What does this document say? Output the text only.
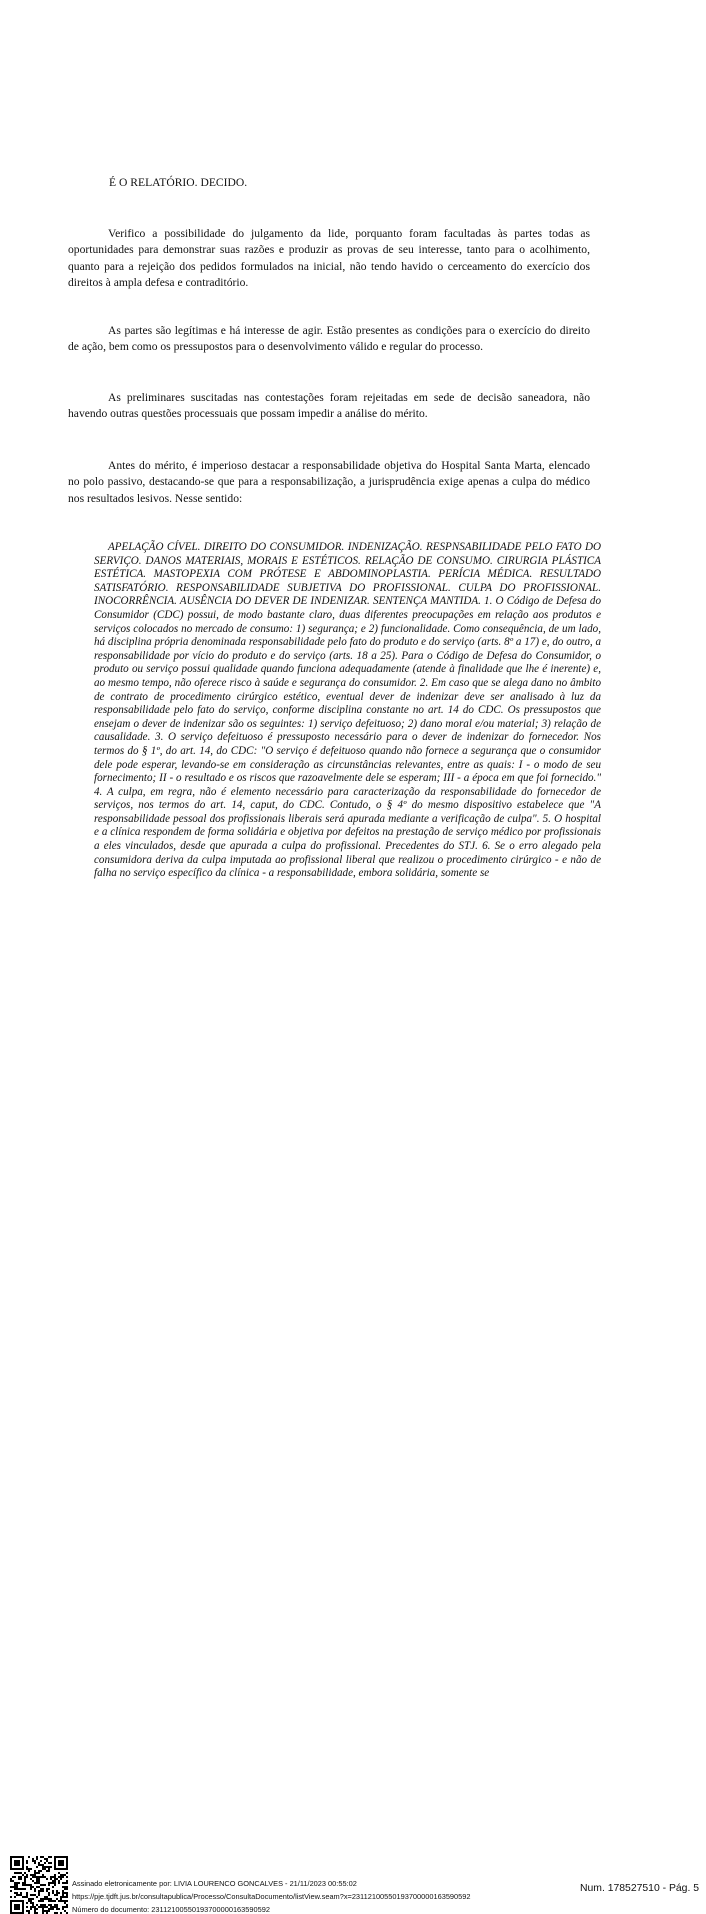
É O RELATÓRIO. DECIDO.

Verifico a possibilidade do julgamento da lide, porquanto foram facultadas às partes todas as oportunidades para demonstrar suas razões e produzir as provas de seu interesse, tanto para o acolhimento, quanto para a rejeição dos pedidos formulados na inicial, não tendo havido o cerceamento do exercício dos direitos à ampla defesa e contraditório.

As partes são legítimas e há interesse de agir. Estão presentes as condições para o exercício do direito de ação, bem como os pressupostos para o desenvolvimento válido e regular do processo.

As preliminares suscitadas nas contestações foram rejeitadas em sede de decisão saneadora, não havendo outras questões processuais que possam impedir a análise do mérito.

Antes do mérito, é imperioso destacar a responsabilidade objetiva do Hospital Santa Marta, elencado no polo passivo, destacando-se que para a responsabilização, a jurisprudência exige apenas a culpa do médico nos resultados lesivos. Nesse sentido:

APELAÇÃO CÍVEL. DIREITO DO CONSUMIDOR. INDENIZAÇÃO. RESPNSABILIDADE PELO FATO DO SERVIÇO. DANOS MATERIAIS, MORAIS E ESTÉTICOS. RELAÇÃO DE CONSUMO. CIRURGIA PLÁSTICA ESTÉTICA. MASTOPEXIA COM PRÓTESE E ABDOMINOPLASTIA. PERÍCIA MÉDICA. RESULTADO SATISFATÓRIO. RESPONSABILIDADE SUBJETIVA DO PROFISSIONAL. CULPA DO PROFISSIONAL. INOCORRÊNCIA. AUSÊNCIA DO DEVER DE INDENIZAR. SENTENÇA MANTIDA. 1. O Código de Defesa do Consumidor (CDC) possui, de modo bastante claro, duas diferentes preocupações em relação aos produtos e serviços colocados no mercado de consumo: 1) segurança; e 2) funcionalidade. Como consequência, de um lado, há disciplina própria denominada responsabilidade pelo fato do produto e do serviço (arts. 8º a 17) e, do outro, a responsabilidade por vício do produto e do serviço (arts. 18 a 25). Para o Código de Defesa do Consumidor, o produto ou serviço possui qualidade quando funciona adequadamente (atende à finalidade que lhe é inerente) e, ao mesmo tempo, não oferece risco à saúde e segurança do consumidor. 2. Em caso que se alega dano no âmbito de contrato de procedimento cirúrgico estético, eventual dever de indenizar deve ser analisado à luz da responsabilidade pelo fato do serviço, conforme disciplina constante no art. 14 do CDC. Os pressupostos que ensejam o dever de indenizar são os seguintes: 1) serviço defeituoso; 2) dano moral e/ou material; 3) relação de causalidade. 3. O serviço defeituoso é pressuposto necessário para o dever de indenizar do fornecedor. Nos termos do § 1º, do art. 14, do CDC: "O serviço é defeituoso quando não fornece a segurança que o consumidor dele pode esperar, levando-se em consideração as circunstâncias relevantes, entre as quais: I - o modo de seu fornecimento; II - o resultado e os riscos que razoavelmente dele se esperam; III - a época em que foi fornecido." 4. A culpa, em regra, não é elemento necessário para caracterização da responsabilidade do fornecedor de serviços, nos termos do art. 14, caput, do CDC. Contudo, o § 4º do mesmo dispositivo estabelece que "A responsabilidade pessoal dos profissionais liberais será apurada mediante a verificação de culpa". 5. O hospital e a clínica respondem de forma solidária e objetiva por defeitos na prestação de serviço médico por profissionais a eles vinculados, desde que apurada a culpa do profissional. Precedentes do STJ. 6. Se o erro alegado pela consumidora deriva da culpa imputada ao profissional liberal que realizou o procedimento cirúrgico - e não de falha no serviço específico da clínica - a responsabilidade, embora solidária, somente se

Assinado eletronicamente por: LIVIA LOURENCO GONCALVES - 21/11/2023 00:55:02
https://pje.tjdft.jus.br/consultapublica/Processo/ConsultaDocumento/listView.seam?x=23112100550193700000163590592
Número do documento: 23112100550193700000163590592
Num. 178527510 - Pág. 5
